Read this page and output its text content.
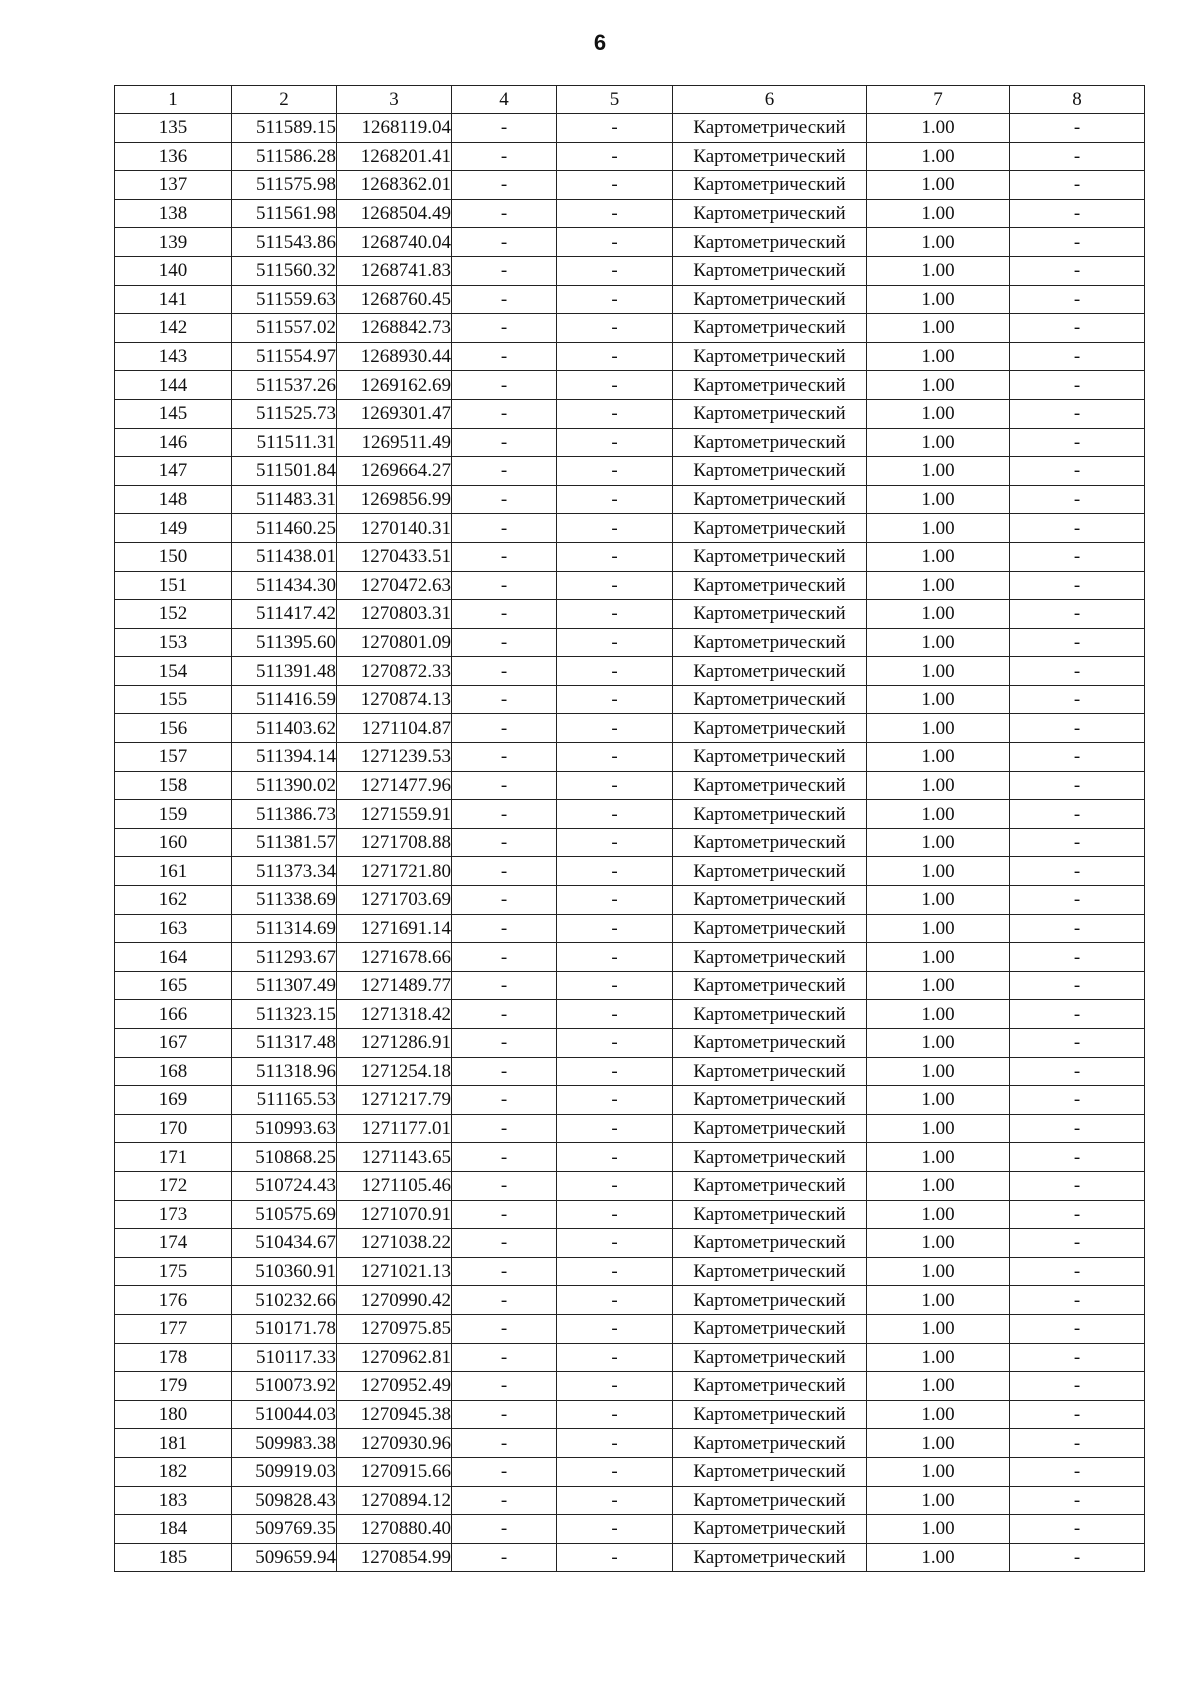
6
1	2	3	4	5	6	7	8
135	511589.15	1268119.04	-	-	Картометрический	1.00	-
136	511586.28	1268201.41	-	-	Картометрический	1.00	-
137	511575.98	1268362.01	-	-	Картометрический	1.00	-
138	511561.98	1268504.49	-	-	Картометрический	1.00	-
139	511543.86	1268740.04	-	-	Картометрический	1.00	-
140	511560.32	1268741.83	-	-	Картометрический	1.00	-
141	511559.63	1268760.45	-	-	Картометрический	1.00	-
142	511557.02	1268842.73	-	-	Картометрический	1.00	-
143	511554.97	1268930.44	-	-	Картометрический	1.00	-
144	511537.26	1269162.69	-	-	Картометрический	1.00	-
145	511525.73	1269301.47	-	-	Картометрический	1.00	-
146	511511.31	1269511.49	-	-	Картометрический	1.00	-
147	511501.84	1269664.27	-	-	Картометрический	1.00	-
148	511483.31	1269856.99	-	-	Картометрический	1.00	-
149	511460.25	1270140.31	-	-	Картометрический	1.00	-
150	511438.01	1270433.51	-	-	Картометрический	1.00	-
151	511434.30	1270472.63	-	-	Картометрический	1.00	-
152	511417.42	1270803.31	-	-	Картометрический	1.00	-
153	511395.60	1270801.09	-	-	Картометрический	1.00	-
154	511391.48	1270872.33	-	-	Картометрический	1.00	-
155	511416.59	1270874.13	-	-	Картометрический	1.00	-
156	511403.62	1271104.87	-	-	Картометрический	1.00	-
157	511394.14	1271239.53	-	-	Картометрический	1.00	-
158	511390.02	1271477.96	-	-	Картометрический	1.00	-
159	511386.73	1271559.91	-	-	Картометрический	1.00	-
160	511381.57	1271708.88	-	-	Картометрический	1.00	-
161	511373.34	1271721.80	-	-	Картометрический	1.00	-
162	511338.69	1271703.69	-	-	Картометрический	1.00	-
163	511314.69	1271691.14	-	-	Картометрический	1.00	-
164	511293.67	1271678.66	-	-	Картометрический	1.00	-
165	511307.49	1271489.77	-	-	Картометрический	1.00	-
166	511323.15	1271318.42	-	-	Картометрический	1.00	-
167	511317.48	1271286.91	-	-	Картометрический	1.00	-
168	511318.96	1271254.18	-	-	Картометрический	1.00	-
169	511165.53	1271217.79	-	-	Картометрический	1.00	-
170	510993.63	1271177.01	-	-	Картометрический	1.00	-
171	510868.25	1271143.65	-	-	Картометрический	1.00	-
172	510724.43	1271105.46	-	-	Картометрический	1.00	-
173	510575.69	1271070.91	-	-	Картометрический	1.00	-
174	510434.67	1271038.22	-	-	Картометрический	1.00	-
175	510360.91	1271021.13	-	-	Картометрический	1.00	-
176	510232.66	1270990.42	-	-	Картометрический	1.00	-
177	510171.78	1270975.85	-	-	Картометрический	1.00	-
178	510117.33	1270962.81	-	-	Картометрический	1.00	-
179	510073.92	1270952.49	-	-	Картометрический	1.00	-
180	510044.03	1270945.38	-	-	Картометрический	1.00	-
181	509983.38	1270930.96	-	-	Картометрический	1.00	-
182	509919.03	1270915.66	-	-	Картометрический	1.00	-
183	509828.43	1270894.12	-	-	Картометрический	1.00	-
184	509769.35	1270880.40	-	-	Картометрический	1.00	-
185	509659.94	1270854.99	-	-	Картометрический	1.00	-
